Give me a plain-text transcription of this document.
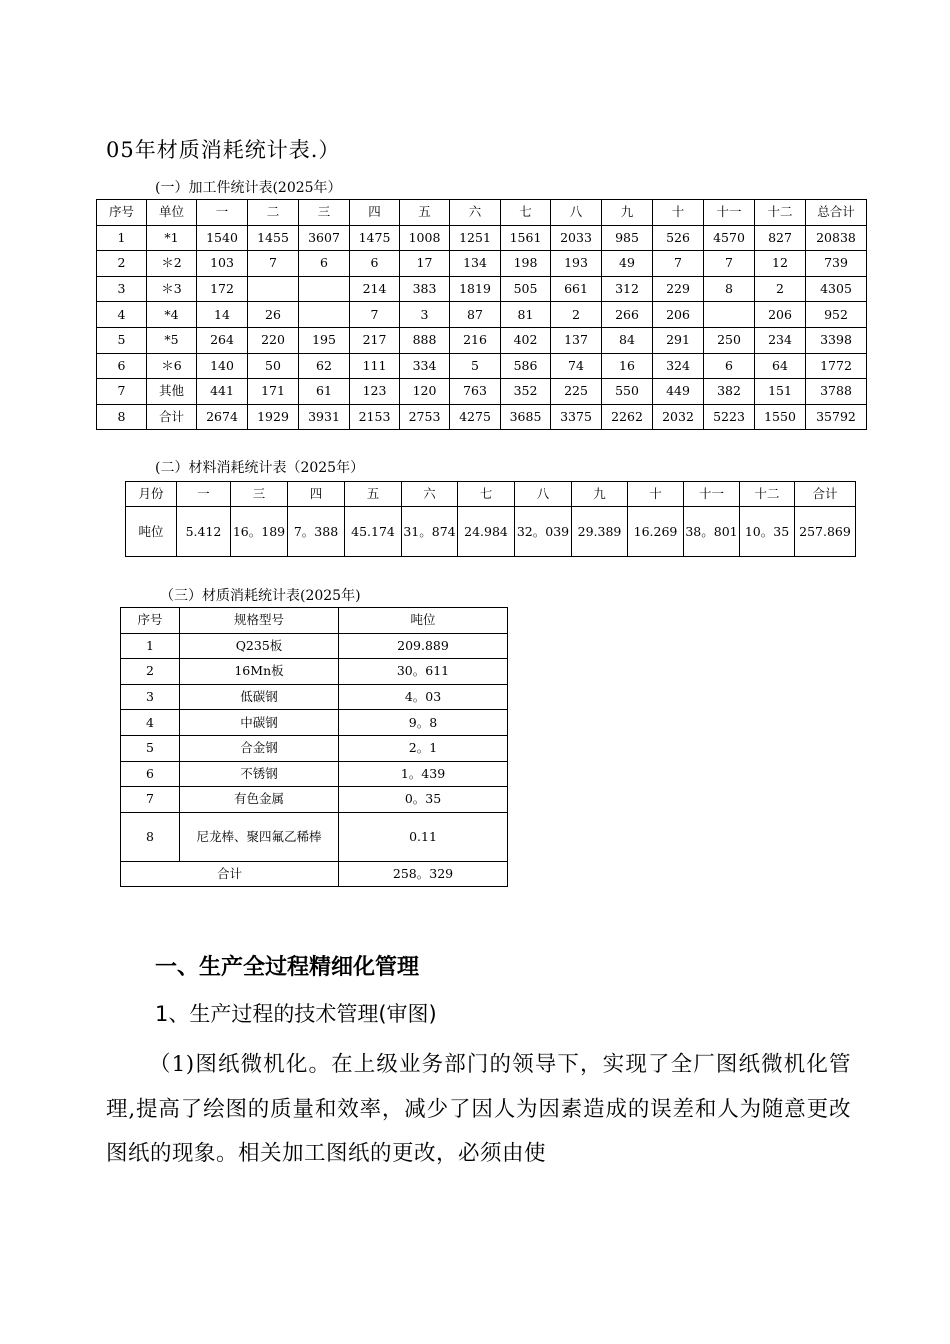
05年材质消耗统计表.）
(一）加工件统计表(2025年）
序号	单位	一	二	三	四	五	六	七	八	九	十	十一	十二	总合计
1	*1	1540	1455	3607	1475	1008	1251	1561	2033	985	526	4570	827	20838
2	＊2	103	7	6	6	17	134	198	193	49	7	7	12	739
3	＊3	172			214	383	1819	505	661	312	229	8	2	4305
4	*4	14	26		7	3	87	81	2	266	206		206	952
5	*5	264	220	195	217	888	216	402	137	84	291	250	234	3398
6	＊6	140	50	62	111	334	5	586	74	16	324	6	64	1772
7	其他	441	171	61	123	120	763	352	225	550	449	382	151	3788
8	合计	2674	1929	3931	2153	2753	4275	3685	3375	2262	2032	5223	1550	35792
(二）材料消耗统计表（2025年）
月份	一	三	四	五	六	七	八	九	十	十一	十二	合计
吨位	5.412	16。189	7。388	45.174	31。874	24.984	32。039	29.389	16.269	38。801	10。35	257.869
（三）材质消耗统计表(2025年)
序号	规格型号	吨位
1	Q235板	209.889
2	16Mn板	30。611
3	低碳钢	4。03
4	中碳钢	9。8
5	合金钢	2。1
6	不锈钢	1。439
7	有色金属	0。35
8	尼龙棒、聚四氟乙稀棒	0.11
合计		258。329
一、生产全过程精细化管理
1、生产过程的技术管理(审图)
（1)图纸微机化。在上级业务部门的领导下，实现了全厂图纸微机化管理,提高了绘图的质量和效率，减少了因人为因素造成的误差和人为随意更改图纸的现象。相关加工图纸的更改，必须由使
